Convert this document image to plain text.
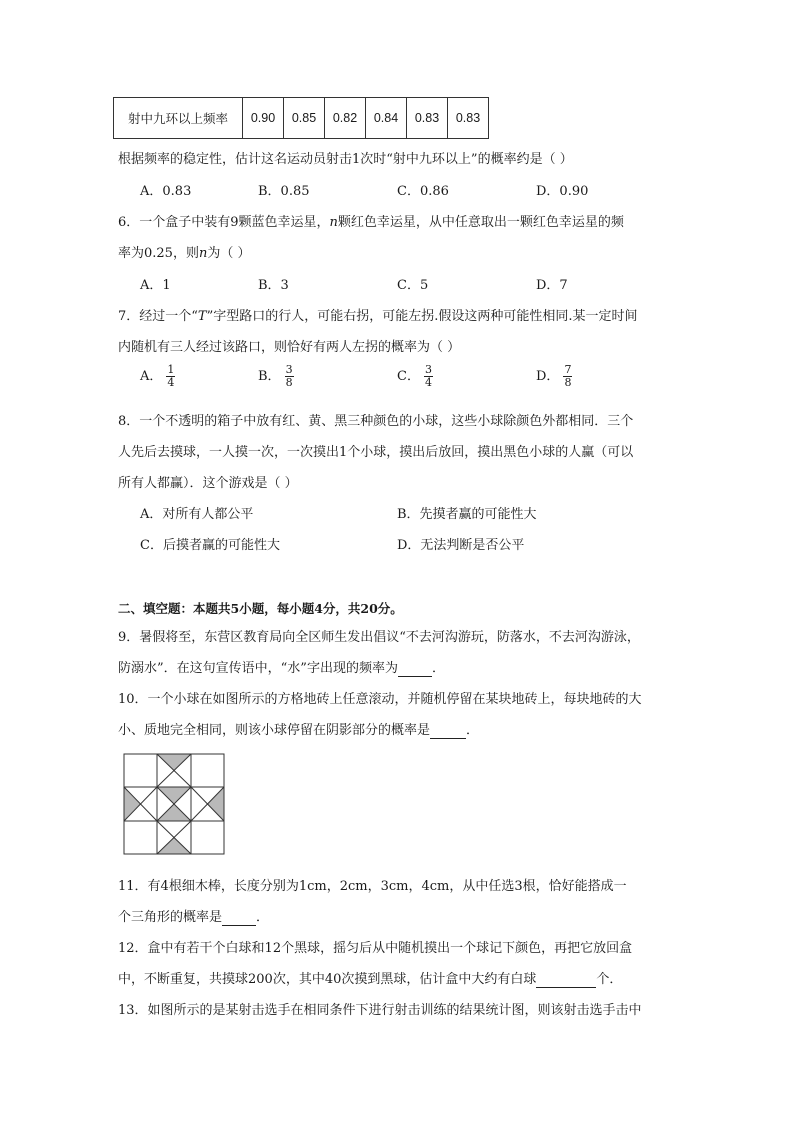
射中九环以上频率	0.90	0.85	0.82	0.84	0.83	0.83
根据频率的稳定性，估计这名运动员射击1次时“射中九环以上”的概率约是（ ）
A．0.83	B．0.85	C．0.86	D．0.90
6．一个盒子中装有9颗蓝色幸运星，n颗红色幸运星，从中任意取出一颗红色幸运星的频
率为0.25，则n为（ ）
A．1	B．3	C．5	D．7
7．经过一个“T”字型路口的行人，可能右拐，可能左拐.假设这两种可能性相同.某一定时间
内随机有三人经过该路口，则恰好有两人左拐的概率为（ ）
A． $\frac{1}{4}$	B． $\frac{3}{8}$	C． $\frac{3}{4}$	D． $\frac{7}{8}$
8．一个不透明的箱子中放有红、黄、黑三种颜色的小球，这些小球除颜色外都相同．三个
人先后去摸球，一人摸一次，一次摸出1个小球，摸出后放回，摸出黑色小球的人赢（可以
所有人都赢）．这个游戏是（ ）
A．对所有人都公平	B．先摸者赢的可能性大
C．后摸者赢的可能性大	D．无法判断是否公平
二、填空题：本题共5小题，每小题4分，共20分。
9．暑假将至，东营区教育局向全区师生发出倡议“不去河沟游玩，防落水，不去河沟游泳，
防溺水”．在这句宣传语中，“水”字出现的频率为	．
10．一个小球在如图所示的方格地砖上任意滚动，并随机停留在某块地砖上，每块地砖的大
小、质地完全相同，则该小球停留在阴影部分的概率是	．
11．有4根细木棒，长度分别为1cm，2cm，3cm，4cm，从中任选3根，恰好能搭成一
个三角形的概率是	．
12．盒中有若干个白球和12个黑球，摇匀后从中随机摸出一个球记下颜色，再把它放回盒
中，不断重复，共摸球200次，其中40次摸到黑球，估计盒中大约有白球	个．
13．如图所示的是某射击选手在相同条件下进行射击训练的结果统计图，则该射击选手击中
